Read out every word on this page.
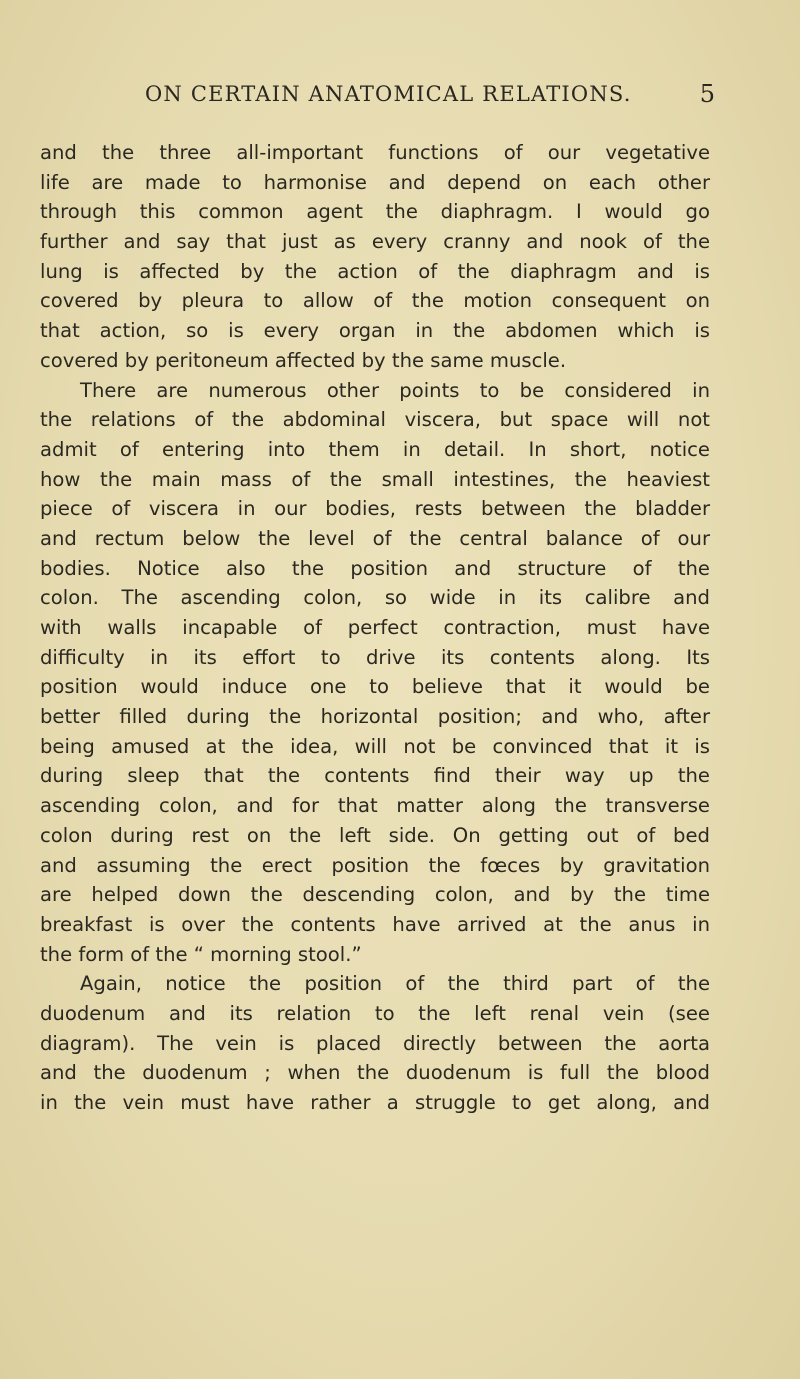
ON CERTAIN ANATOMICAL RELATIONS.	5
and the three all-important functions of our vegetative
life are made to harmonise and depend on each other
through this common agent the diaphragm. I would go
further and say that just as every cranny and nook of the
lung is affected by the action of the diaphragm and is
covered by pleura to allow of the motion consequent on
that action, so is every organ in the abdomen which is
covered by peritoneum affected by the same muscle.
There are numerous other points to be considered in
the relations of the abdominal viscera, but space will not
admit of entering into them in detail. In short, notice
how the main mass of the small intestines, the heaviest
piece of viscera in our bodies, rests between the bladder
and rectum below the level of the central balance of our
bodies. Notice also the position and structure of the
colon. The ascending colon, so wide in its calibre and
with walls incapable of perfect contraction, must have
difficulty in its effort to drive its contents along. Its
position would induce one to believe that it would be
better filled during the horizontal position; and who, after
being amused at the idea, will not be convinced that it is
during sleep that the contents find their way up the
ascending colon, and for that matter along the transverse
colon during rest on the left side. On getting out of bed
and assuming the erect position the fœces by gravitation
are helped down the descending colon, and by the time
breakfast is over the contents have arrived at the anus in
the form of the “ morning stool.”
Again, notice the position of the third part of the
duodenum and its relation to the left renal vein (see
diagram). The vein is placed directly between the aorta
and the duodenum ; when the duodenum is full the blood
in the vein must have rather a struggle to get along, and
